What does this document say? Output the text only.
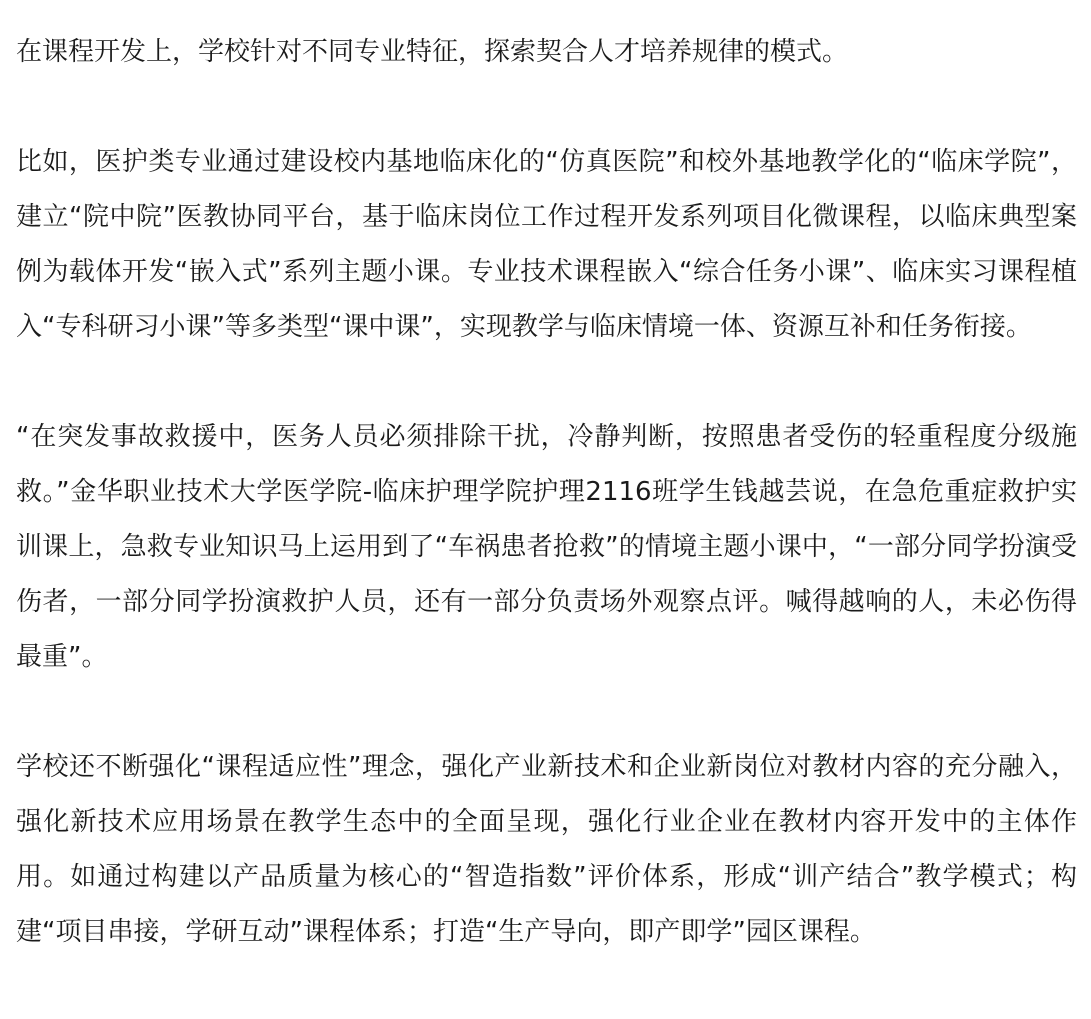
在课程开发上，学校针对不同专业特征，探索契合人才培养规律的模式。

比如，医护类专业通过建设校内基地临床化的“仿真医院”和校外基地教学化的“临床学院”，建立“院中院”医教协同平台，基于临床岗位工作过程开发系列项目化微课程，以临床典型案例为载体开发“嵌入式”系列主题小课。专业技术课程嵌入“综合任务小课”、临床实习课程植入“专科研习小课”等多类型“课中课”，实现教学与临床情境一体、资源互补和任务衔接。

“在突发事故救援中，医务人员必须排除干扰，冷静判断，按照患者受伤的轻重程度分级施救。”金华职业技术大学医学院-临床护理学院护理2116班学生钱越芸说，在急危重症救护实训课上，急救专业知识马上运用到了“车祸患者抢救”的情境主题小课中，“一部分同学扮演受伤者，一部分同学扮演救护人员，还有一部分负责场外观察点评。喊得越响的人，未必伤得最重”。

学校还不断强化“课程适应性”理念，强化产业新技术和企业新岗位对教材内容的充分融入，强化新技术应用场景在教学生态中的全面呈现，强化行业企业在教材内容开发中的主体作用。如通过构建以产品质量为核心的“智造指数”评价体系，形成“训产结合”教学模式；构建“项目串接，学研互动”课程体系；打造“生产导向，即产即学”园区课程。
